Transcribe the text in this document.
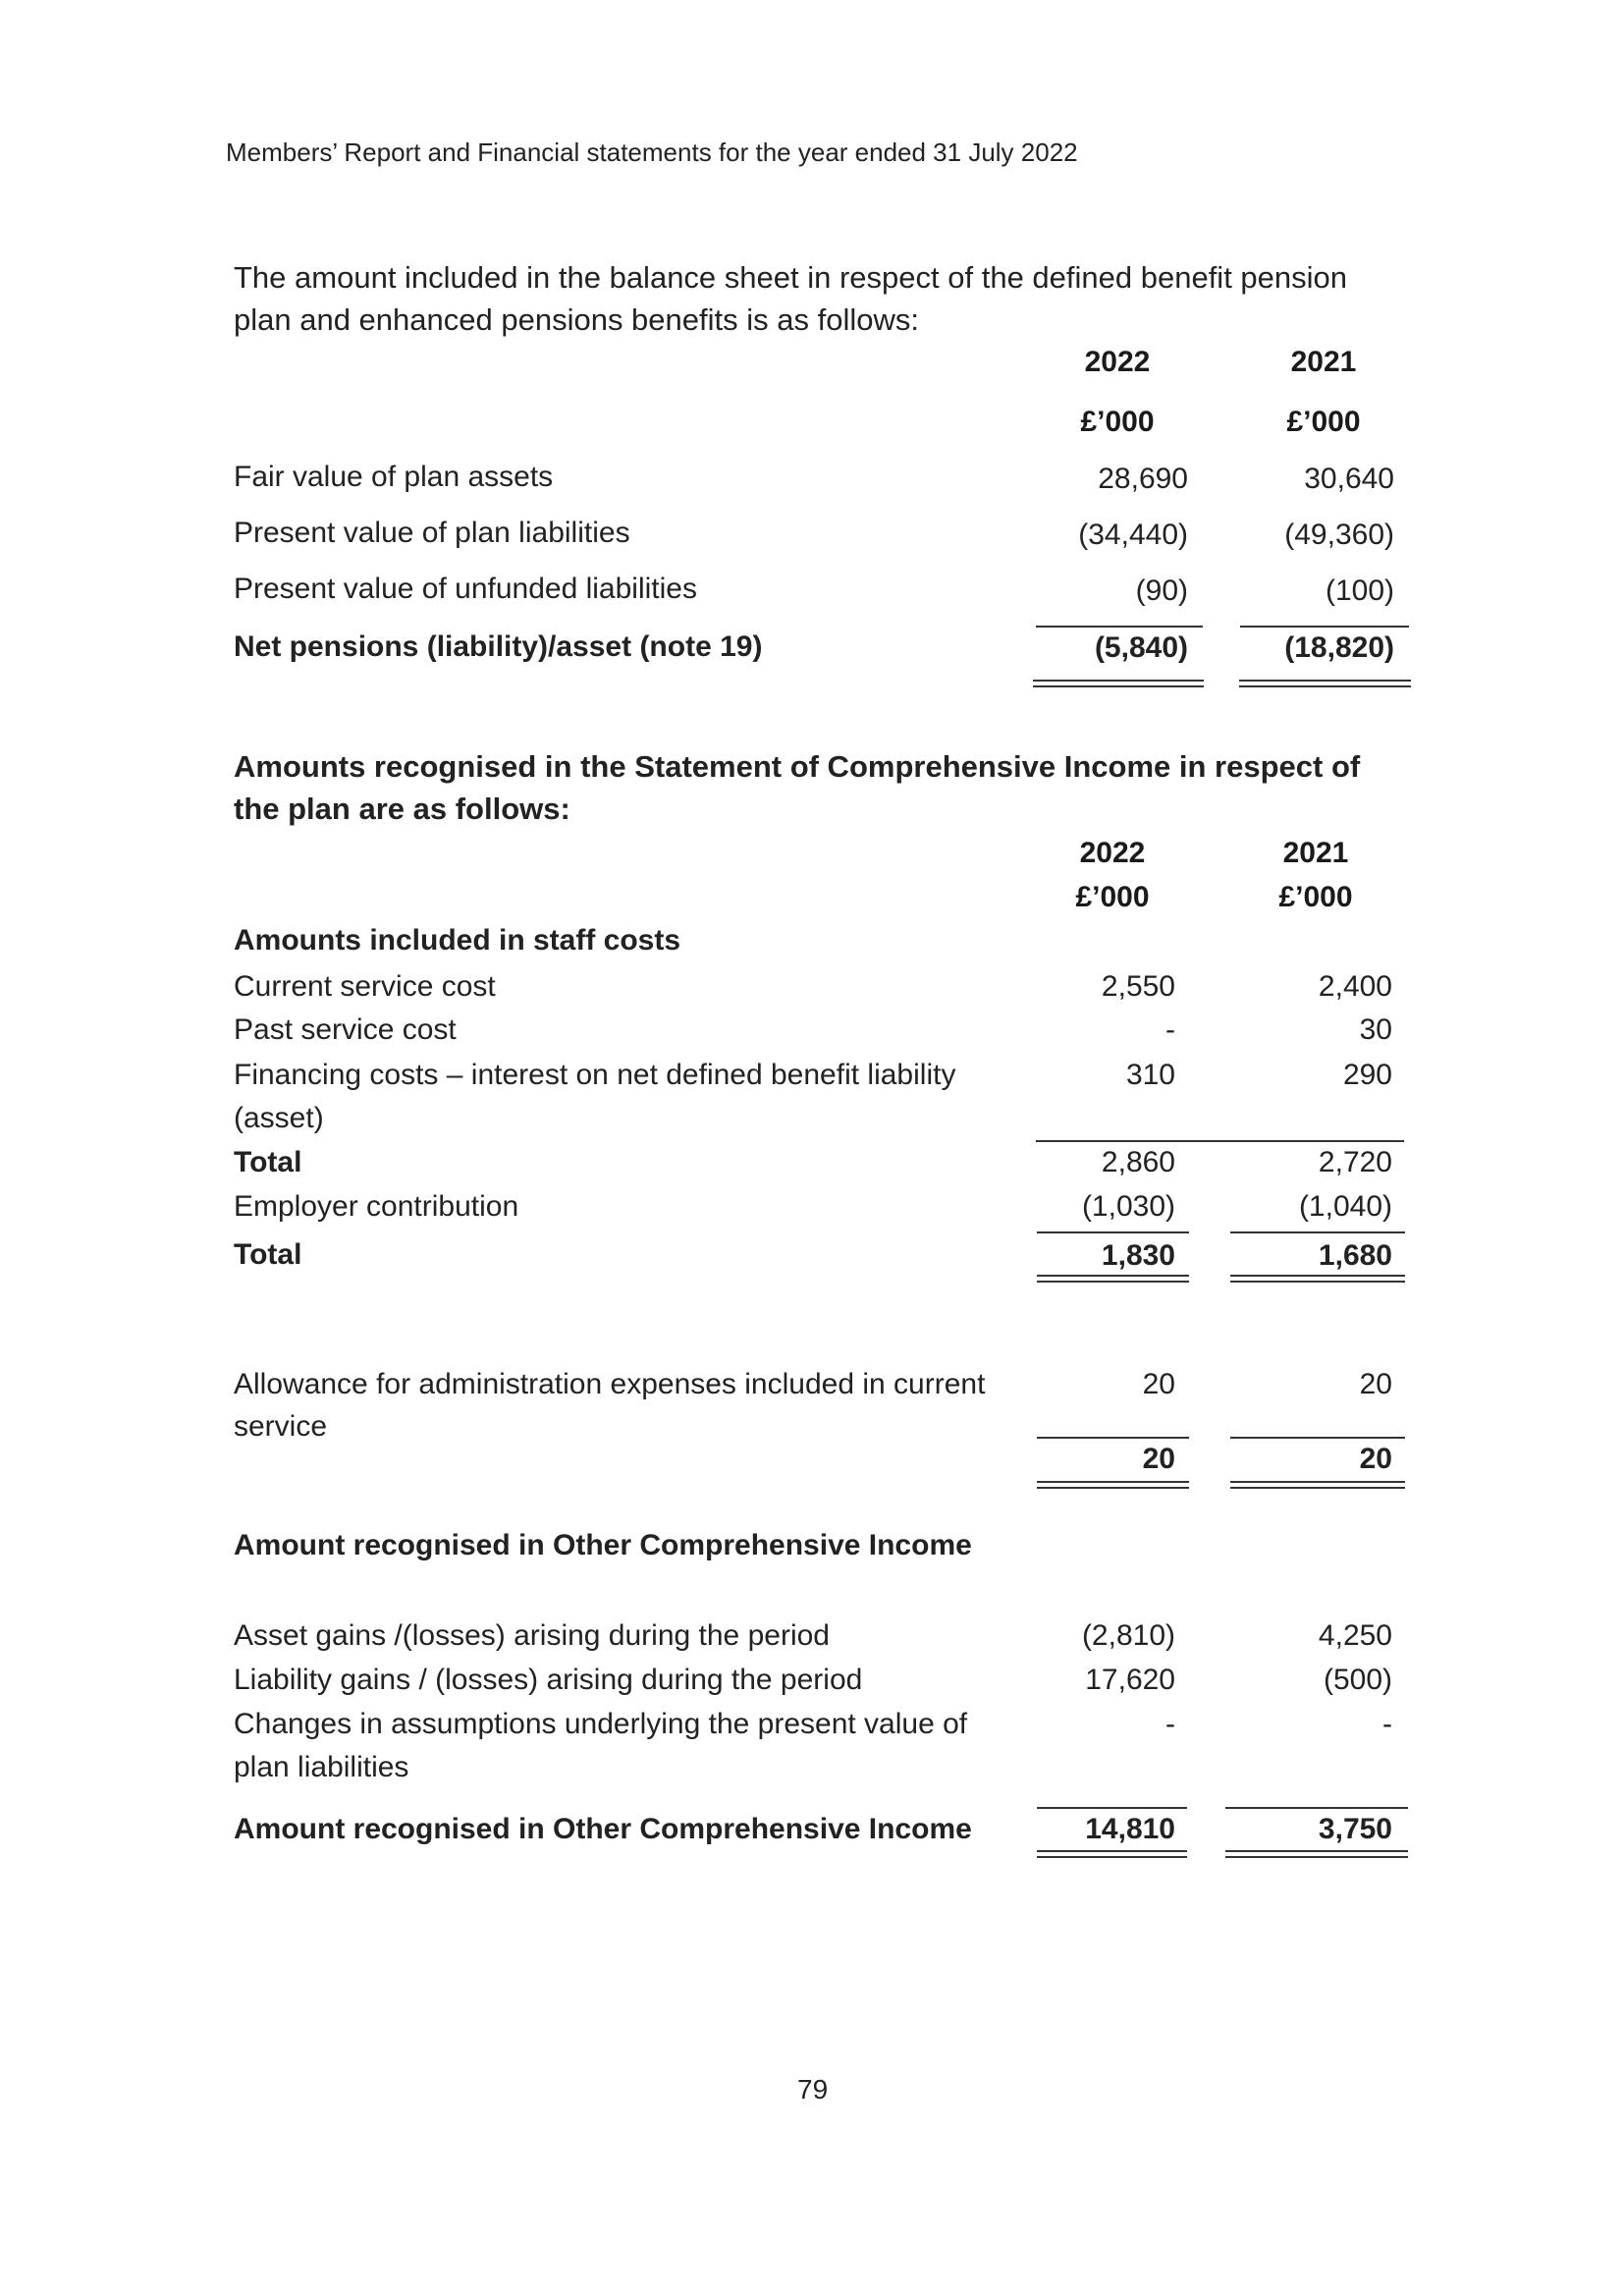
Members’ Report and Financial statements for the year ended 31 July 2022
The amount included in the balance sheet in respect of the defined benefit pension
plan and enhanced pensions benefits is as follows:
2022	2021
£’000	£’000
Fair value of plan assets	28,690	30,640
Present value of plan liabilities	(34,440)	(49,360)
Present value of unfunded liabilities	(90)	(100)
Net pensions (liability)/asset (note 19)	(5,840)	(18,820)
Amounts recognised in the Statement of Comprehensive Income in respect of
the plan are as follows:
2022	2021
£’000	£’000
Amounts included in staff costs
Current service cost	2,550	2,400
Past service cost	-	30
Financing costs – interest on net defined benefit liability
(asset)
310	290
Total	2,860	2,720
Employer contribution	(1,030)	(1,040)
Total	1,830	1,680
Allowance for administration expenses included in current
service
20	20
20	20
Amount recognised in Other Comprehensive Income
Asset gains /(losses) arising during the period	(2,810)	4,250
Liability gains / (losses) arising during the period	17,620	(500)
Changes in assumptions underlying the present value of
plan liabilities
-	-
Amount recognised in Other Comprehensive Income	14,810	3,750
79
